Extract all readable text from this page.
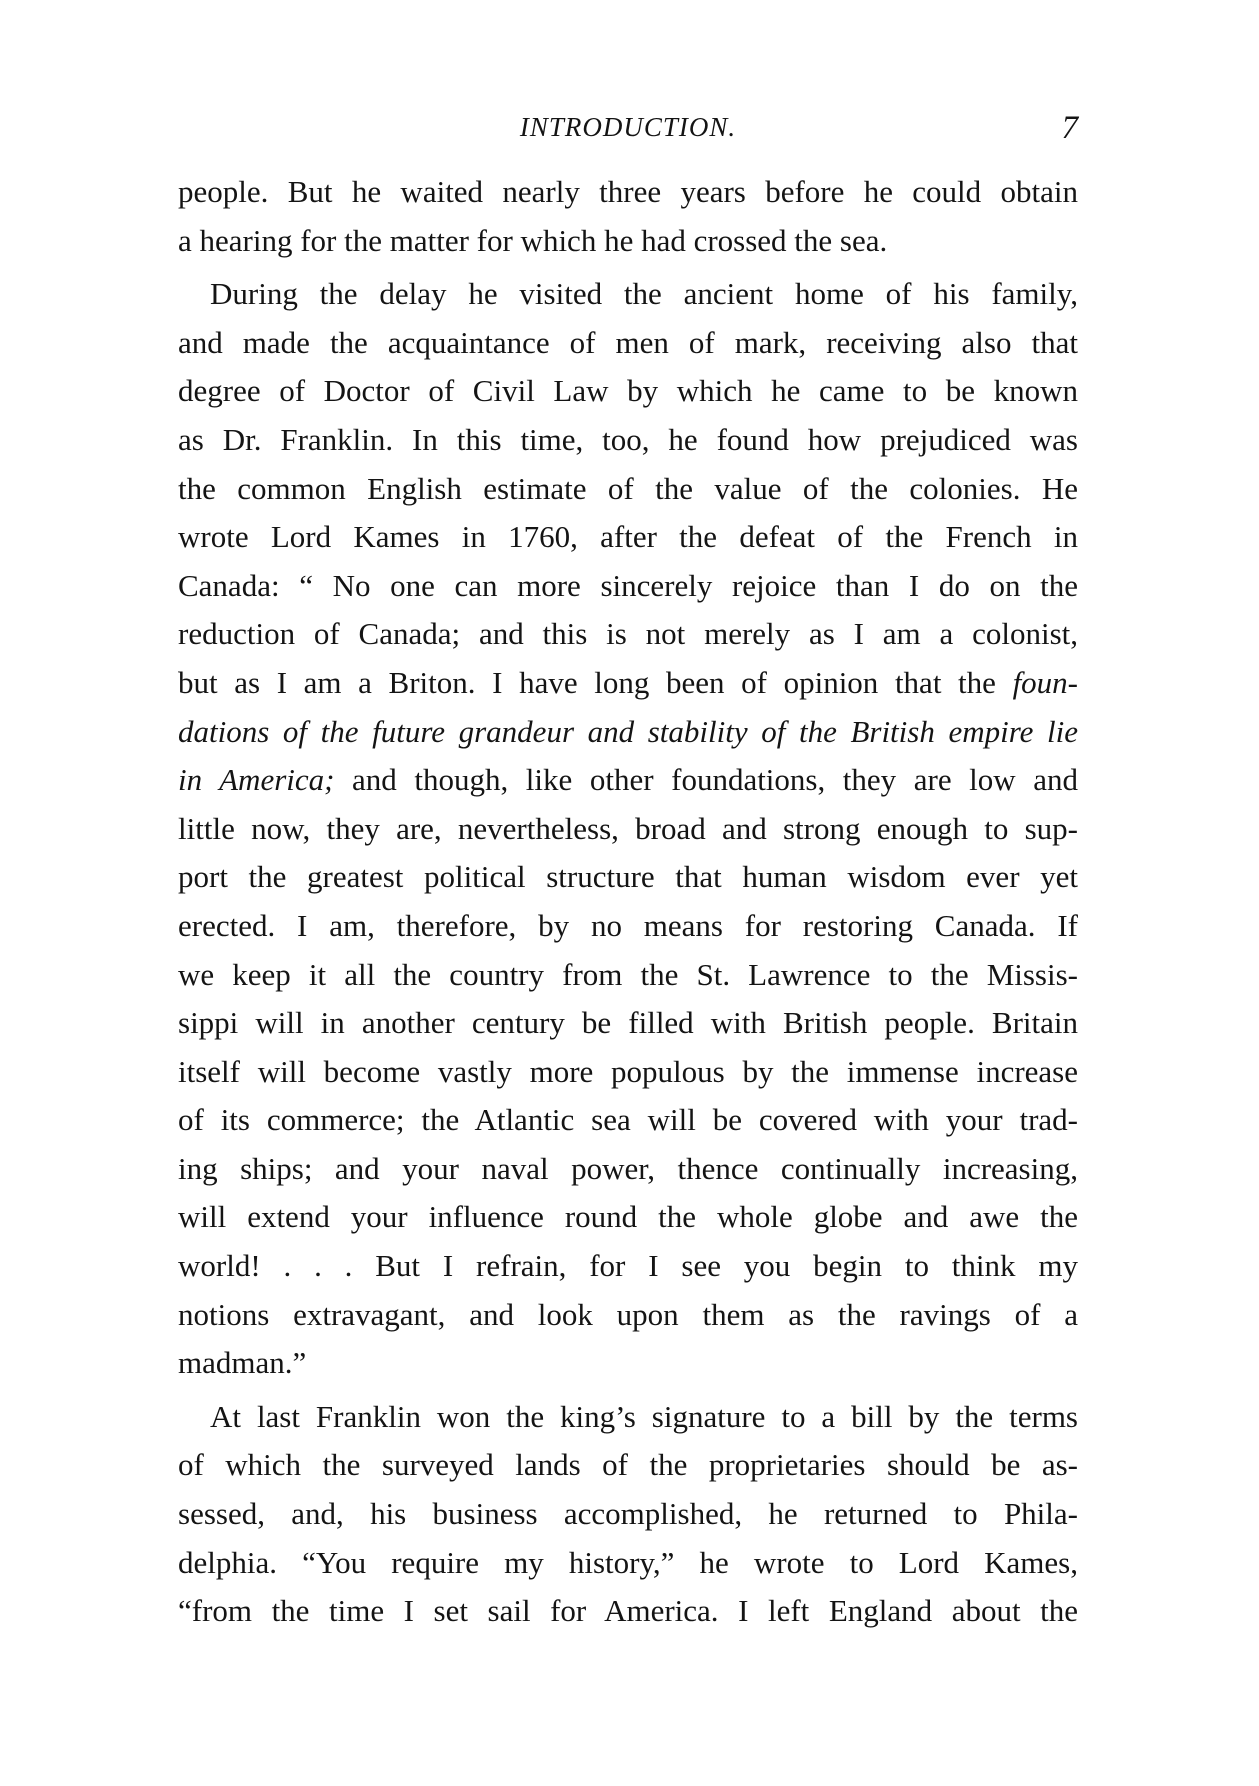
INTRODUCTION.	7

people. But he waited nearly three years before he could obtain
a hearing for the matter for which he had crossed the sea.

During the delay he visited the ancient home of his family,
and made the acquaintance of men of mark, receiving also that
degree of Doctor of Civil Law by which he came to be known
as Dr. Franklin. In this time, too, he found how prejudiced was
the common English estimate of the value of the colonies. He
wrote Lord Kames in 1760, after the defeat of the French in
Canada: “ No one can more sincerely rejoice than I do on the
reduction of Canada; and this is not merely as I am a colonist,
but as I am a Briton. I have long been of opinion that the foun-
dations of the future grandeur and stability of the British empire lie
in America; and though, like other foundations, they are low and
little now, they are, nevertheless, broad and strong enough to sup-
port the greatest political structure that human wisdom ever yet
erected. I am, therefore, by no means for restoring Canada. If
we keep it all the country from the St. Lawrence to the Missis-
sippi will in another century be filled with British people. Britain
itself will become vastly more populous by the immense increase
of its commerce; the Atlantic sea will be covered with your trad-
ing ships; and your naval power, thence continually increasing,
will extend your influence round the whole globe and awe the
world! . . . But I refrain, for I see you begin to think my
notions extravagant, and look upon them as the ravings of a
madman.”

At last Franklin won the king’s signature to a bill by the terms
of which the surveyed lands of the proprietaries should be as-
sessed, and, his business accomplished, he returned to Phila-
delphia. “You require my history,” he wrote to Lord Kames,
“from the time I set sail for America. I left England about the
